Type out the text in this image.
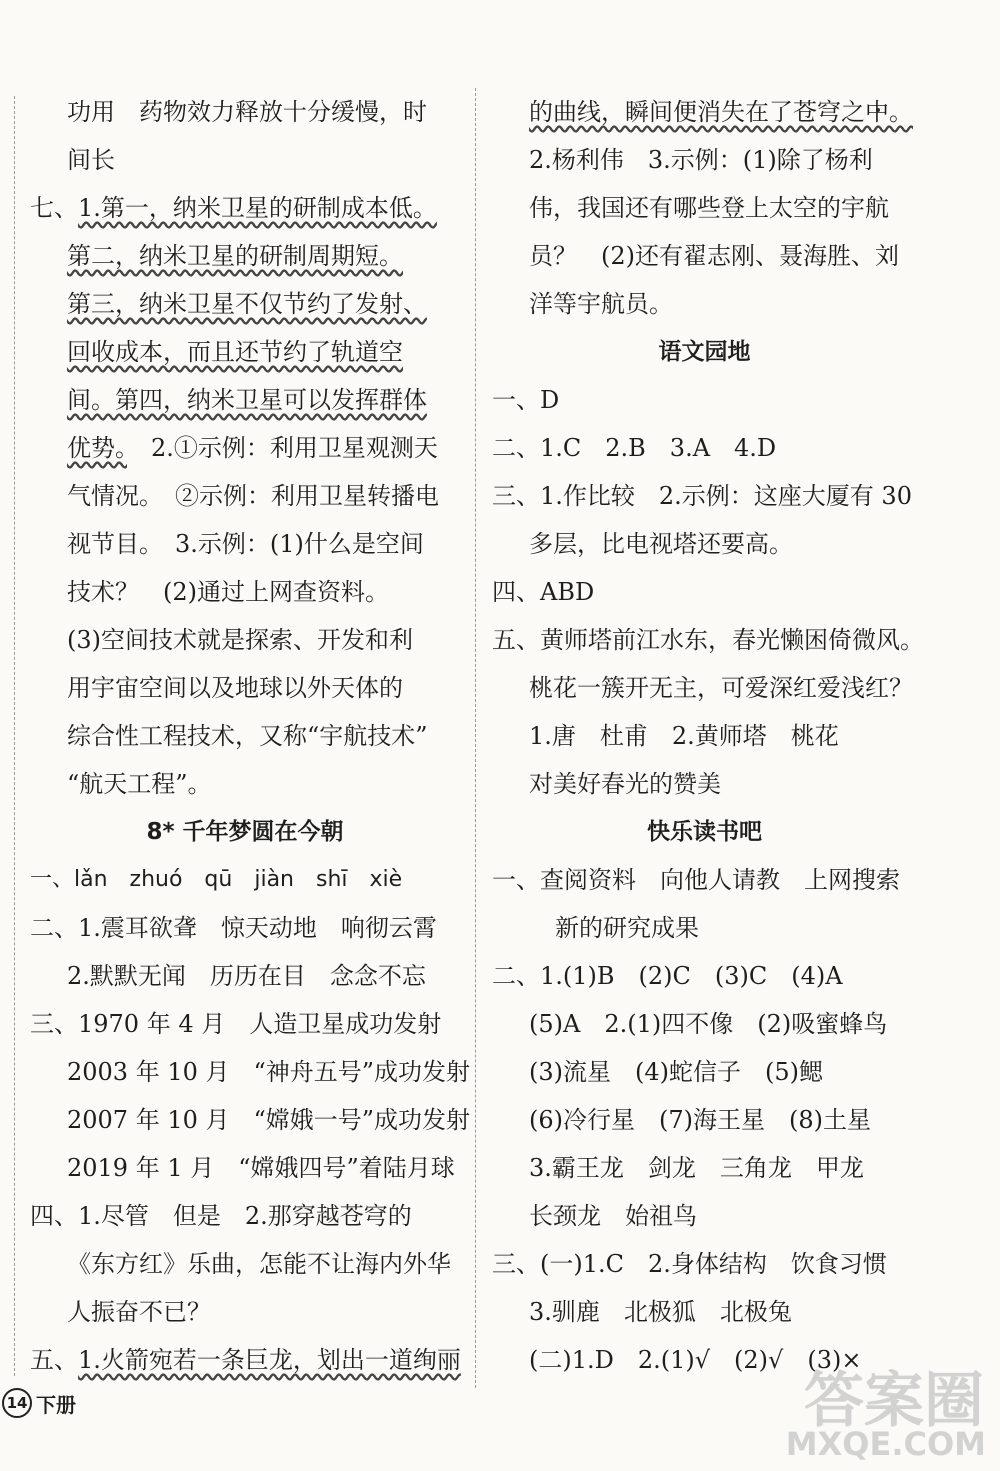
功用　药物效力释放十分缓慢，时
间长
七、1.第一，纳米卫星的研制成本低。
第二，纳米卫星的研制周期短。
第三，纳米卫星不仅节约了发射、
回收成本，而且还节约了轨道空
间。第四，纳米卫星可以发挥群体
优势。　2.①示例：利用卫星观测天
气情况。　②示例：利用卫星转播电
视节目。　3.示例：(1)什么是空间
技术？　(2)通过上网查资料。
(3)空间技术就是探索、开发和利
用宇宙空间以及地球以外天体的
综合性工程技术，又称“宇航技术”
“航天工程”。
8* 千年梦圆在今朝
一、lǎn　zhuó　qū　jiàn　shī　xiè
二、1.震耳欲聋　惊天动地　响彻云霄
2.默默无闻　历历在目　念念不忘
三、1970 年 4 月　人造卫星成功发射
2003 年 10 月　“神舟五号”成功发射
2007 年 10 月　“嫦娥一号”成功发射
2019 年 1 月　“嫦娥四号”着陆月球
四、1.尽管　但是　2.那穿越苍穹的
《东方红》乐曲，怎能不让海内外华
人振奋不已？
五、1.火箭宛若一条巨龙，划出一道绚丽
的曲线，瞬间便消失在了苍穹之中。
2.杨利伟　3.示例：(1)除了杨利
伟，我国还有哪些登上太空的宇航
员？　(2)还有翟志刚、聂海胜、刘
洋等宇航员。
语文园地
一、D
二、1.C　2.B　3.A　4.D
三、1.作比较　2.示例：这座大厦有 30
多层，比电视塔还要高。
四、ABD
五、黄师塔前江水东，春光懒困倚微风。
桃花一簇开无主，可爱深红爱浅红？
1.唐　杜甫　2.黄师塔　桃花
对美好春光的赞美
快乐读书吧
一、查阅资料　向他人请教　上网搜索
新的研究成果
二、1.(1)B　(2)C　(3)C　(4)A
(5)A　2.(1)四不像　(2)吸蜜蜂鸟
(3)流星　(4)蛇信子　(5)鳃
(6)冷行星　(7)海王星　(8)土星
3.霸王龙　剑龙　三角龙　甲龙
长颈龙　始祖鸟
三、(一)1.C　2.身体结构　饮食习惯
3.驯鹿　北极狐　北极兔
(二)1.D　2.(1)√　(2)√　(3)×
14 下册	答案圈
MXQE.COM
